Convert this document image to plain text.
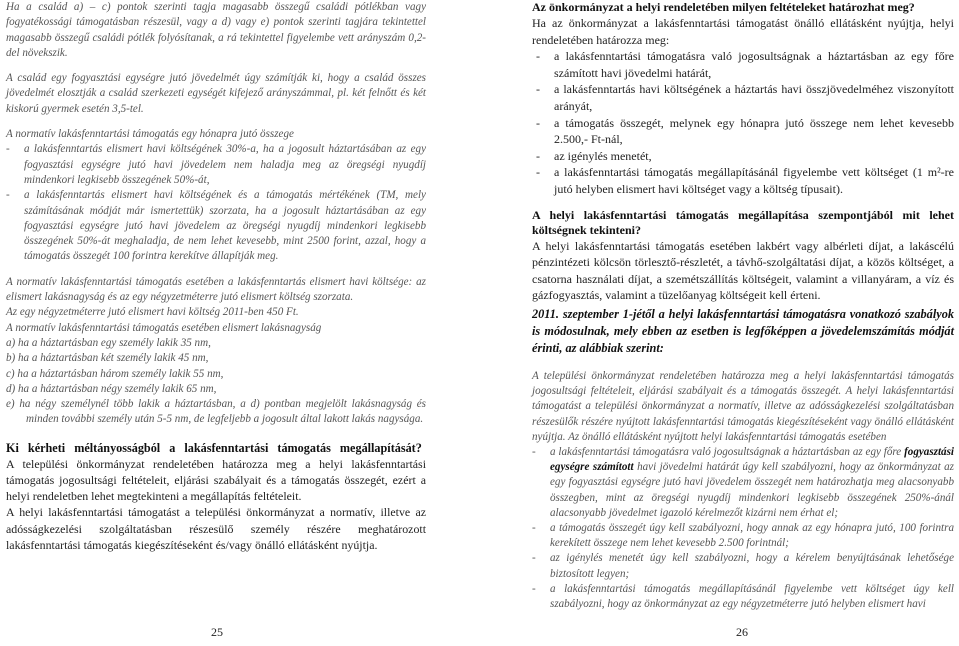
Ha a család a) – c) pontok szerinti tagja magasabb összegű családi pótlékban vagy fogyatékossági támogatásban részesül, vagy a d) vagy e) pontok szerinti tagjára tekintettel magasabb összegű családi pótlék folyósítanak, a rá tekintettel figyelembe vett arányszám 0,2-del növekszik.

A család egy fogyasztási egységre jutó jövedelmét úgy számítják ki, hogy a család összes jövedelmét elosztják a család szerkezeti egységét kifejező arányszámmal, pl. két felnőtt és két kiskorú gyermek esetén 3,5-tel.

A normatív lakásfenntartási támogatás egy hónapra jutó összege

-	a lakásfenntartás elismert havi költségének 30%-a, ha a jogosult háztartásában az egy fogyasztási egységre jutó havi jövedelem nem haladja meg az öregségi nyugdíj mindenkori legkisebb összegének 50%-át,
-	a lakásfenntartás elismert havi költségének és a támogatás mértékének (TM, mely számításának módját már ismertettük) szorzata, ha a jogosult háztartásában az egy fogyasztási egységre jutó havi jövedelem az öregségi nyugdíj mindenkori legkisebb összegének 50%-át meghaladja, de nem lehet kevesebb, mint 2500 forint, azzal, hogy a támogatás összegét 100 forintra kerekítve állapítják meg.

A normatív lakásfenntartási támogatás esetében a lakásfenntartás elismert havi költsége: az elismert lakásnagyság és az egy négyzetméterre jutó elismert költség szorzata.

Az egy négyzetméterre jutó elismert havi költség 2011-ben 450 Ft.

A normatív lakásfenntartási támogatás esetében elismert lakásnagyság

a) ha a háztartásban egy személy lakik 35 nm,

b) ha a háztartásban két személy lakik 45 nm,

c) ha a háztartásban három személy lakik 55 nm,

d) ha a háztartásban négy személy lakik 65 nm,

e) ha négy személynél több lakik a háztartásban, a d) pontban megjelölt lakásnagyság és minden további személy után 5-5 nm, de legfeljebb a jogosult által lakott lakás nagysága.

Ki kérheti méltányosságból a lakásfenntartási támogatás megállapítását?

A települési önkormányzat rendeletében határozza meg a helyi lakásfenntartási támogatás jogosultsági feltételeit, eljárási szabályait és a támogatás összegét, ezért a helyi rendeletben lehet megtekinteni a megállapítás feltételeit.

A helyi lakásfenntartási támogatást a települési önkormányzat a normatív, illetve az adósságkezelési szolgáltatásban részesülő személy részére meghatározott lakásfenntartási támogatás kiegészítéseként és/vagy önálló ellátásként nyújtja.

25

Az önkormányzat a helyi rendeletében milyen feltételeket határozhat meg?

Ha az önkormányzat a lakásfenntartási támogatást önálló ellátásként nyújtja, helyi rendeletében határozza meg:

-	a lakásfenntartási támogatásra való jogosultságnak a háztartásban az egy főre számított havi jövedelmi határát,
-	a lakásfenntartás havi költségének a háztartás havi összjövedelméhez viszonyított arányát,
-	a támogatás összegét, melynek egy hónapra jutó összege nem lehet kevesebb 2.500,- Ft-nál,
-	az igénylés menetét,
-	a lakásfenntartási támogatás megállapításánál figyelembe vett költséget (1 m²-re jutó helyben elismert havi költséget vagy a költség típusait).

A helyi lakásfenntartási támogatás megállapítása szempontjából mit lehet költségnek tekinteni?

A helyi lakásfenntartási támogatás esetében lakbért vagy albérleti díjat, a lakáscélú pénzintézeti kölcsön törlesztő-részletét, a távhő-szolgáltatási díjat, a közös költséget, a csatorna használati díjat, a szemétszállítás költségeit, valamint a villanyáram, a víz és gázfogyasztás, valamint a tüzelőanyag költségeit kell érteni.

2011. szeptember 1-jétől a helyi lakásfenntartási támogatásra vonatkozó szabályok is módosulnak, mely ebben az esetben is legfőképpen a jövedelemszámítás módját érinti, az alábbiak szerint:

A települési önkormányzat rendeletében határozza meg a helyi lakásfenntartási támogatás jogosultsági feltételeit, eljárási szabályait és a támogatás összegét. A helyi lakásfenntartási támogatást a települési önkormányzat a normatív, illetve az adósságkezelési szolgáltatásban részesülők részére nyújtott lakásfenntartási támogatás kiegészítéseként vagy önálló ellátásként nyújtja. Az önálló ellátásként nyújtott helyi lakásfenntartási támogatás esetében

-	a lakásfenntartási támogatásra való jogosultságnak a háztartásban az egy főre fogyasztási egységre számított havi jövedelmi határát úgy kell szabályozni, hogy az önkormányzat az egy fogyasztási egységre jutó havi jövedelem összegét nem határozhatja meg alacsonyabb összegben, mint az öregségi nyugdíj mindenkori legkisebb összegének 250%-ánál alacsonyabb jövedelmet igazoló kérelmezőt kizárni nem érhat el;
-	a támogatás összegét úgy kell szabályozni, hogy annak az egy hónapra jutó, 100 forintra kerekített összege nem lehet kevesebb 2.500 forintnál;
-	az igénylés menetét úgy kell szabályozni, hogy a kérelem benyújtásának lehetősége biztosított legyen;
-	a lakásfenntartási támogatás megállapításánál figyelembe vett költséget úgy kell szabályozni, hogy az önkormányzat az egy négyzetméterre jutó helyben elismert havi
26
